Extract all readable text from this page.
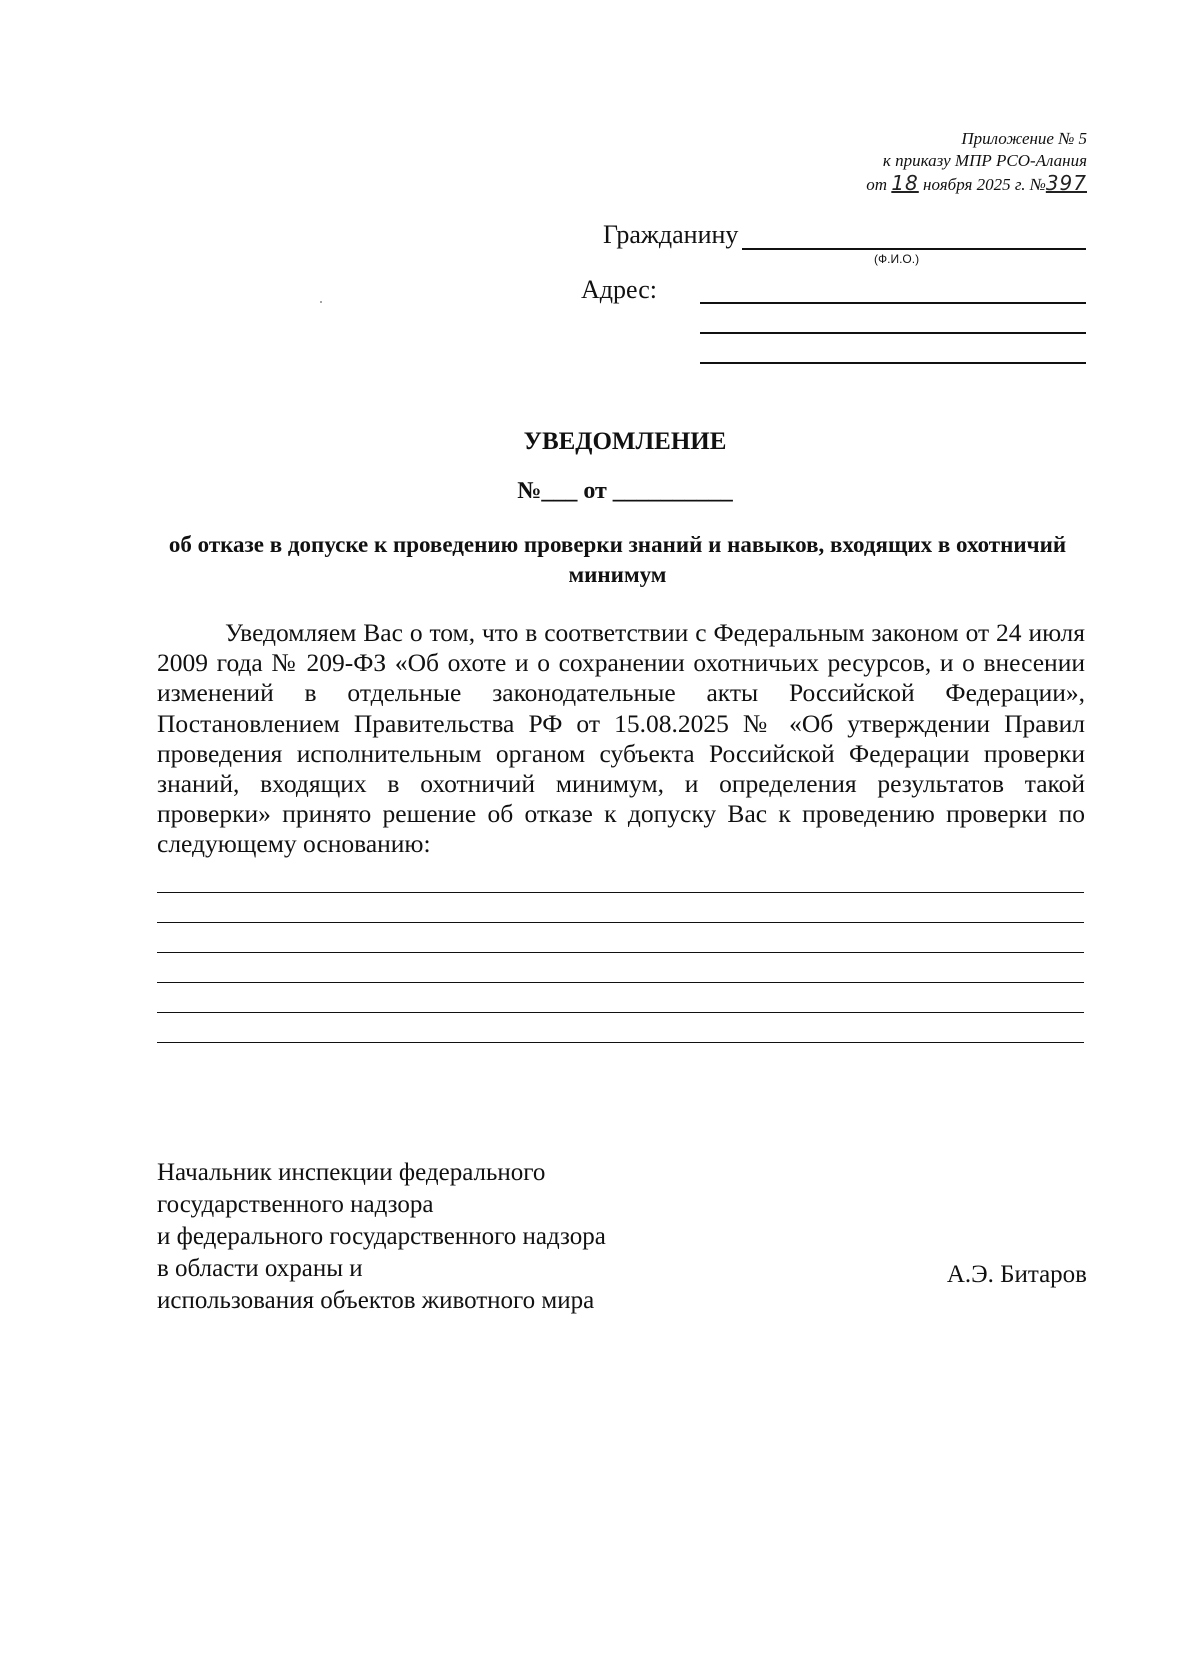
Приложение № 5
к приказу МПР РСО-Алания
от 18 ноября 2025 г. №397
Гражданину
(Ф.И.О.)
Адрес:
УВЕДОМЛЕНИЕ
№___ от __________
об отказе в допуске к проведению проверки знаний и навыков, входящих в охотничий минимум
Уведомляем Вас о том, что в соответствии с Федеральным законом от 24 июля 2009 года № 209-ФЗ «Об охоте и о сохранении охотничьих ресурсов, и о внесении изменений в отдельные законодательные акты Российской Федерации», Постановлением Правительства РФ от 15.08.2025 № «Об утверждении Правил проведения исполнительным органом субъекта Российской Федерации проверки знаний, входящих в охотничий минимум, и определения результатов такой проверки» принято решение об отказе к допуску Вас к проведению проверки по следующему основанию:
Начальник инспекции федерального
государственного надзора
и федерального государственного надзора
в области охраны и
использования объектов животного мира
А.Э. Битаров
